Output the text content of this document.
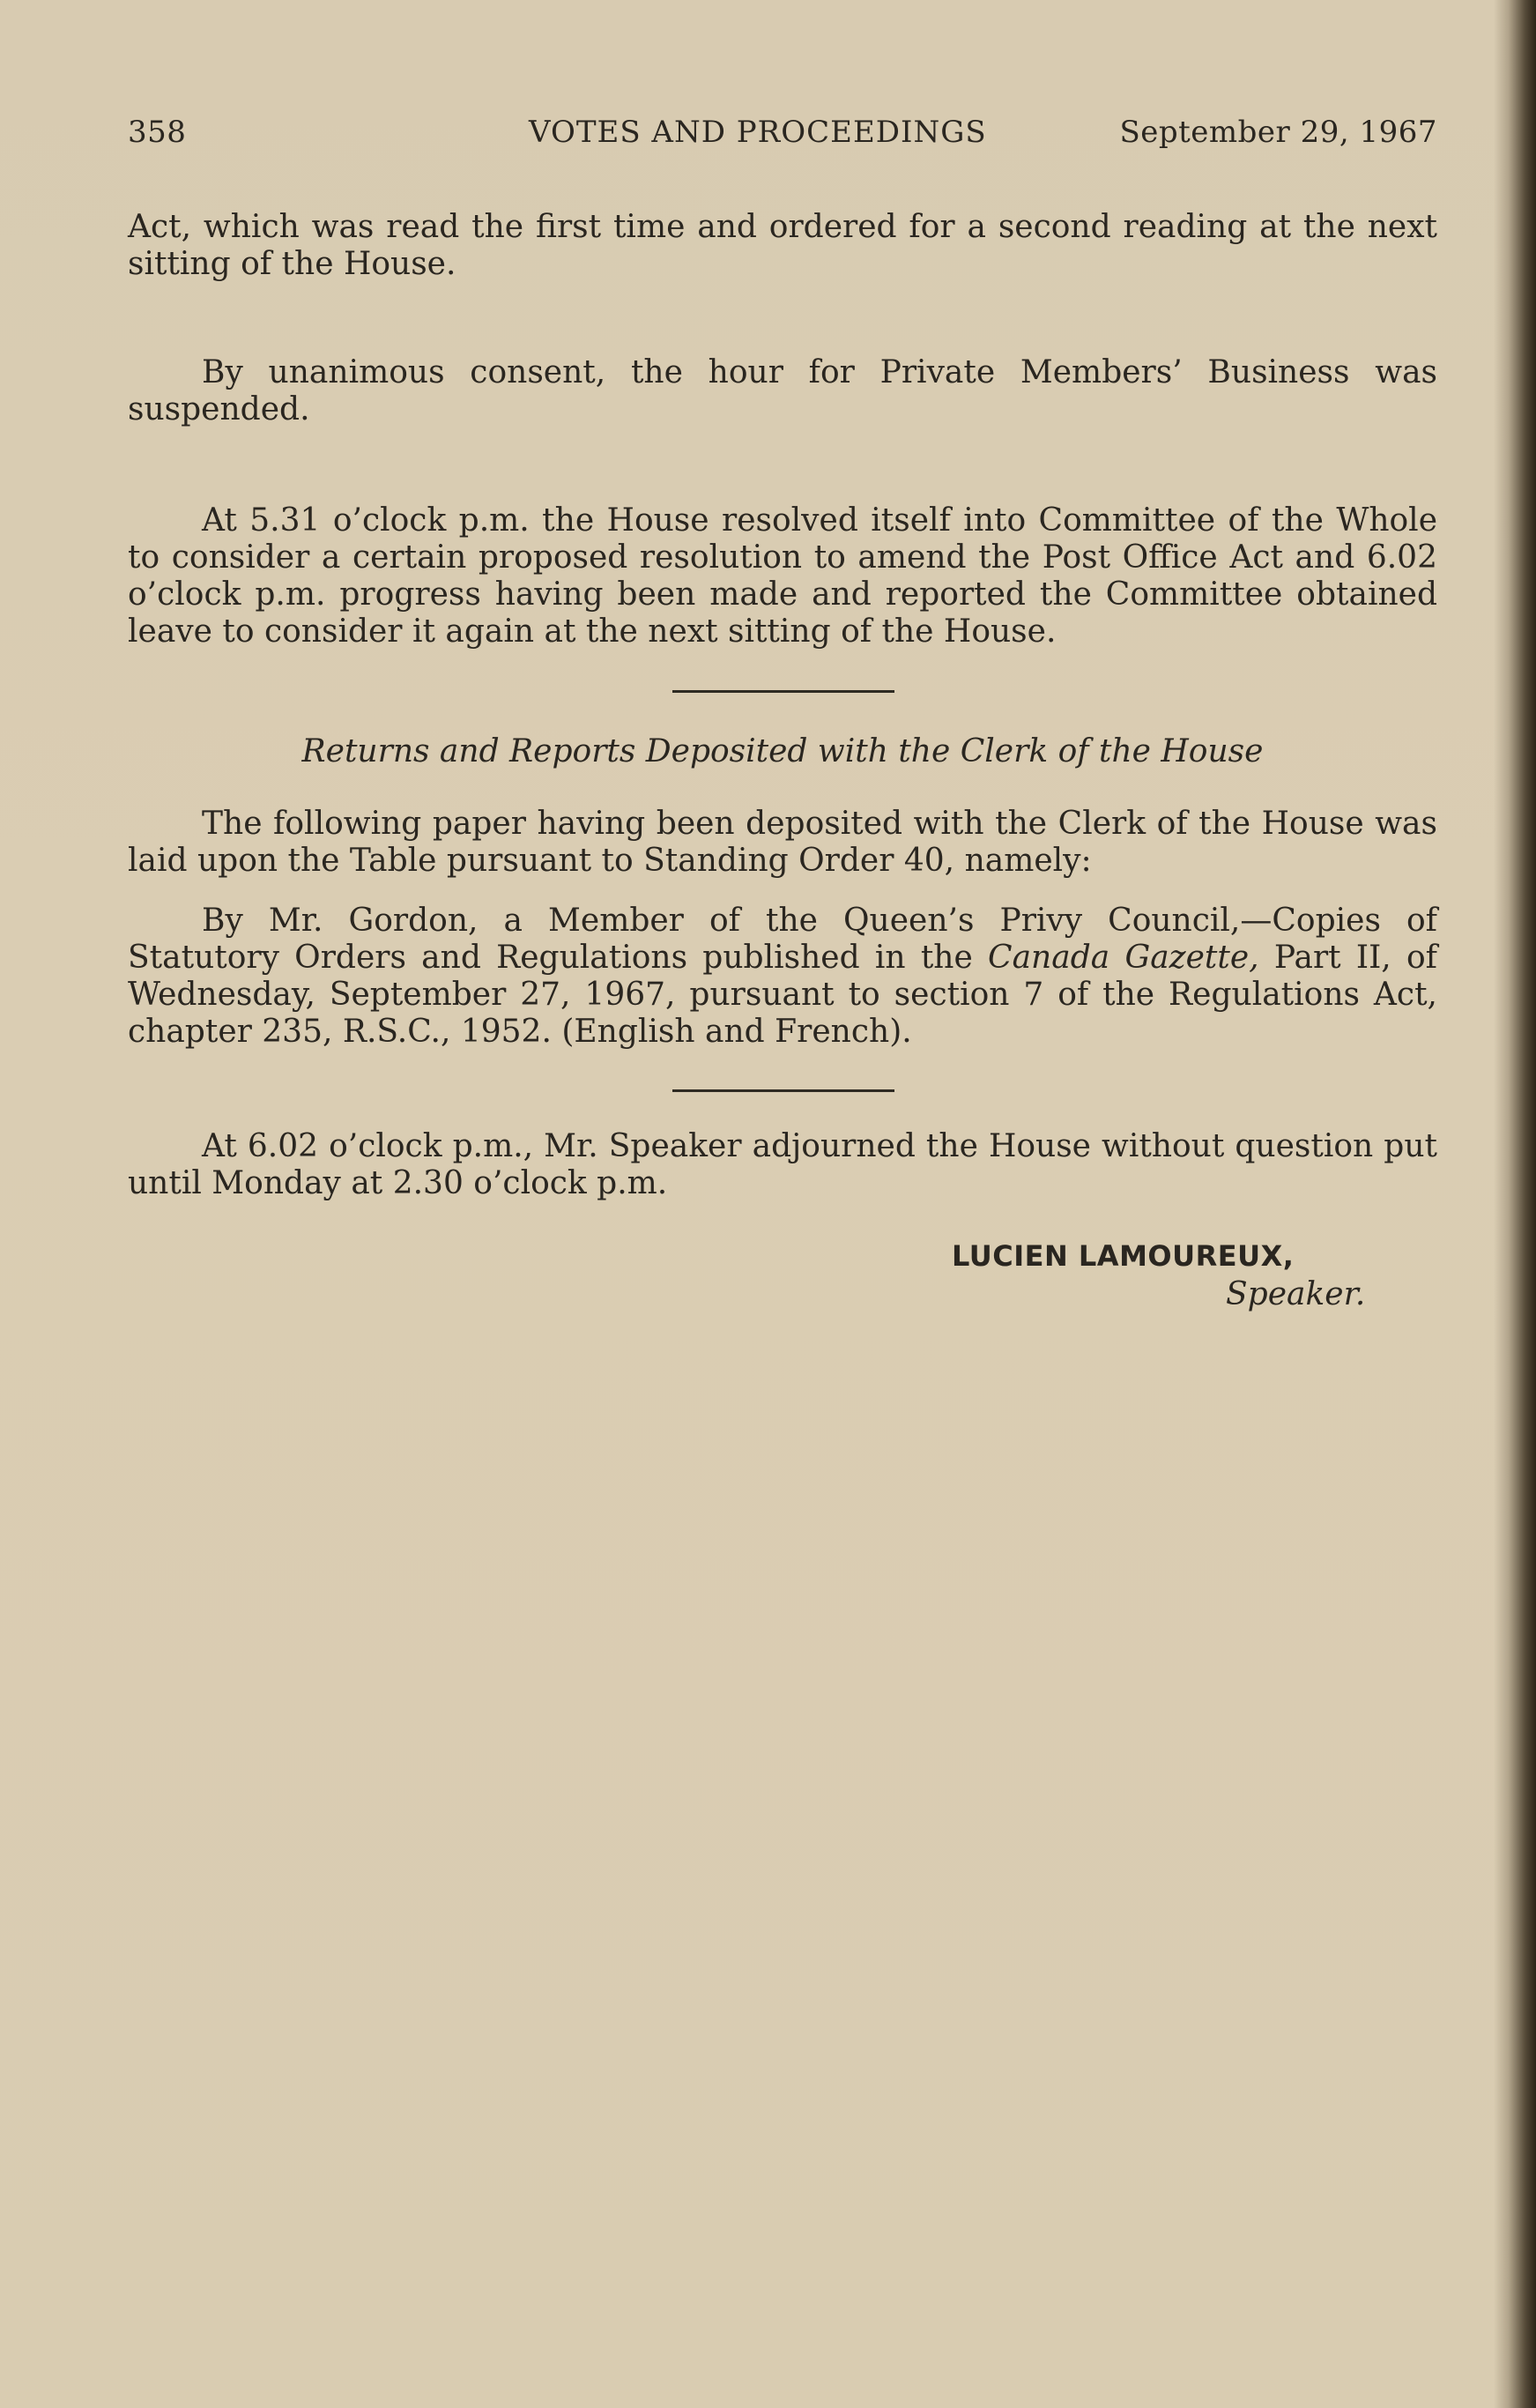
358	VOTES AND PROCEEDINGS	September 29, 1967

Act, which was read the first time and ordered for a second reading at the next sitting of the House.

By unanimous consent, the hour for Private Members’ Business was suspended.

At 5.31 o’clock p.m. the House resolved itself into Committee of the Whole to consider a certain proposed resolution to amend the Post Office Act and 6.02 o’clock p.m. progress having been made and reported the Committee obtained leave to consider it again at the next sitting of the House.

Returns and Reports Deposited with the Clerk of the House

The following paper having been deposited with the Clerk of the House was laid upon the Table pursuant to Standing Order 40, namely:

By Mr. Gordon, a Member of the Queen’s Privy Council,—Copies of Statutory Orders and Regulations published in the Canada Gazette, Part II, of Wednesday, September 27, 1967, pursuant to section 7 of the Regulations Act, chapter 235, R.S.C., 1952. (English and French).

At 6.02 o’clock p.m., Mr. Speaker adjourned the House without question put until Monday at 2.30 o’clock p.m.

LUCIEN LAMOUREUX,
Speaker.
